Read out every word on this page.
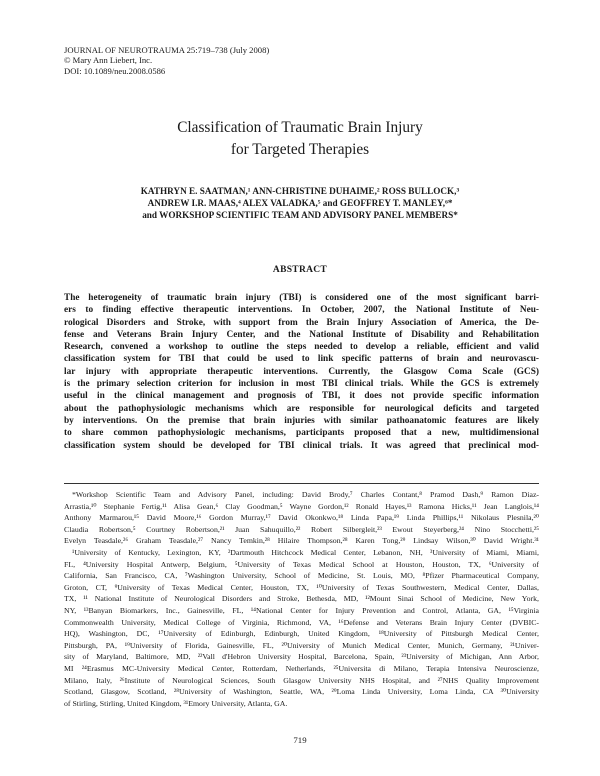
JOURNAL OF NEUROTRAUMA 25:719–738 (July 2008)
© Mary Ann Liebert, Inc.
DOI: 10.1089/neu.2008.0586
Classification of Traumatic Brain Injury
for Targeted Therapies
KATHRYN E. SAATMAN,¹ ANN-CHRISTINE DUHAIME,² ROSS BULLOCK,³
ANDREW I.R. MAAS,⁴ ALEX VALADKA,⁵ and GEOFFREY T. MANLEY,⁶*
and WORKSHOP SCIENTIFIC TEAM AND ADVISORY PANEL MEMBERS*
ABSTRACT
The heterogeneity of traumatic brain injury (TBI) is considered one of the most significant barri-
ers to finding effective therapeutic interventions. In October, 2007, the National Institute of Neu-
rological Disorders and Stroke, with support from the Brain Injury Association of America, the De-
fense and Veterans Brain Injury Center, and the National Institute of Disability and Rehabilitation
Research, convened a workshop to outline the steps needed to develop a reliable, efficient and valid
classification system for TBI that could be used to link specific patterns of brain and neurovascu-
lar injury with appropriate therapeutic interventions. Currently, the Glasgow Coma Scale (GCS)
is the primary selection criterion for inclusion in most TBI clinical trials. While the GCS is extremely
useful in the clinical management and prognosis of TBI, it does not provide specific information
about the pathophysiologic mechanisms which are responsible for neurological deficits and targeted
by interventions. On the premise that brain injuries with similar pathoanatomic features are likely
to share common pathophysiologic mechanisms, participants proposed that a new, multidimensional
classification system should be developed for TBI clinical trials. It was agreed that preclinical mod-
*Workshop Scientific Team and Advisory Panel, including: David Brody,⁷ Charles Contant,⁸ Pramod Dash,⁹ Ramon Diaz-
Arrastia,¹⁰ Stephanie Fertig,¹¹ Alisa Gean,⁶ Clay Goodman,⁵ Wayne Gordon,¹² Ronald Hayes,¹³ Ramona Hicks,¹¹ Jean Langlois,¹⁴
Anthony Marmarou,¹⁵ David Moore,¹⁶ Gordon Murray,¹⁷ David Okonkwo,¹⁸ Linda Papa,¹⁹ Linda Phillips,¹¹ Nikolaus Plesnila,²⁰
Claudia Robertson,⁵ Courtney Robertson,²¹ Juan Sahuquillo,²² Robert Silbergleit,²³ Ewout Steyerberg,²⁴ Nino Stocchetti,²⁵
Evelyn Teasdale,²⁶ Graham Teasdale,²⁷ Nancy Temkin,²⁸ Hilaire Thompson,²⁸ Karen Tong,²⁹ Lindsay Wilson,³⁰ David Wright.³¹
¹University of Kentucky, Lexington, KY, ²Dartmouth Hitchcock Medical Center, Lebanon, NH, ³University of Miami, Miami,
FL, ⁴University Hospital Antwerp, Belgium, ⁵University of Texas Medical School at Houston, Houston, TX, ⁶University of
California, San Francisco, CA, ⁷Washington University, School of Medicine, St. Louis, MO, ⁸Pfizer Pharmaceutical Company,
Groton, CT, ⁹University of Texas Medical Center, Houston, TX, ¹⁰University of Texas Southwestern, Medical Center, Dallas,
TX, ¹¹ National Institute of Neurological Disorders and Stroke, Bethesda, MD, ¹²Mount Sinai School of Medicine, New York,
NY, ¹³Banyan Biomarkers, Inc., Gainesville, FL, ¹⁴National Center for Injury Prevention and Control, Atlanta, GA, ¹⁵Virginia
Commonwealth University, Medical College of Virginia, Richmond, VA, ¹⁶Defense and Veterans Brain Injury Center (DVBIC-
HQ), Washington, DC, ¹⁷University of Edinburgh, Edinburgh, United Kingdom, ¹⁸University of Pittsburgh Medical Center,
Pittsburgh, PA, ¹⁹University of Florida, Gainesville, FL, ²⁰University of Munich Medical Center, Munich, Germany, ²¹Univer-
sity of Maryland, Baltimore, MD, ²²Vall d'Hebron University Hospital, Barcelona, Spain, ²³University of Michigan, Ann Arbor,
MI ²⁴Erasmus MC-University Medical Center, Rotterdam, Netherlands, ²⁵Universita di Milano, Terapia Intensiva Neuroscienze,
Milano, Italy, ²⁶Institute of Neurological Sciences, South Glasgow University NHS Hospital, and ²⁷NHS Quality Improvement
Scotland, Glasgow, Scotland, ²⁸University of Washington, Seattle, WA, ²⁹Loma Linda University, Loma Linda, CA ³⁰University
of Stirling, Stirling, United Kingdom, ³¹Emory University, Atlanta, GA.
719
